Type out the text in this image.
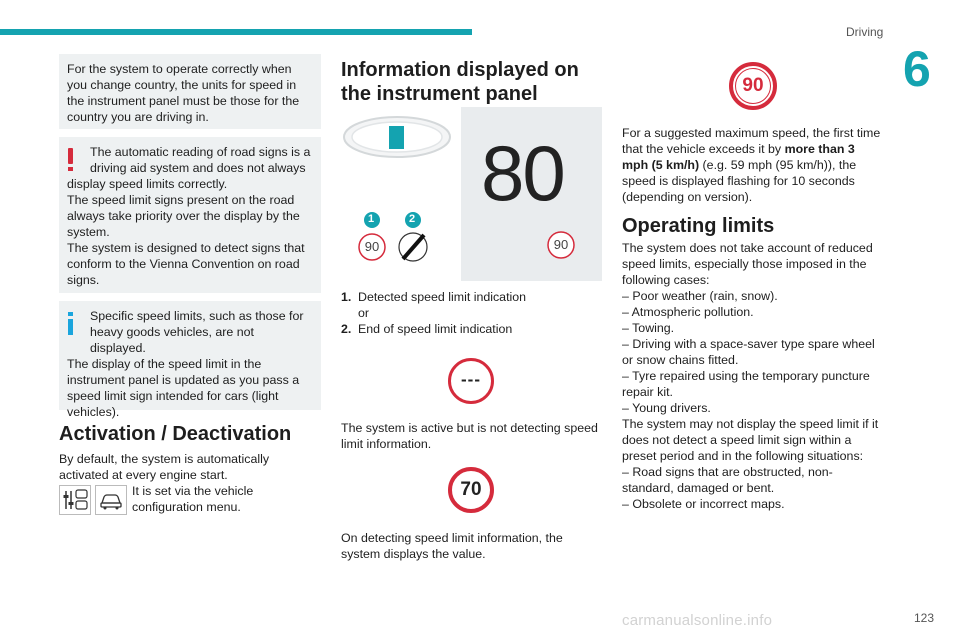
Driving
6

For the system to operate correctly when you change country, the units for speed in the instrument panel must be those for the country you are driving in.

The automatic reading of road signs is a

driving aid system and does not always

display speed limits correctly.

The speed limit signs present on the road always take priority over the display by the system.

The system is designed to detect signs that conform to the Vienna Convention on road signs.

Specific speed limits, such as those for

heavy goods vehicles, are not displayed.

The display of the speed limit in the instrument panel is updated as you pass a speed limit sign intended for cars (light vehicles).

Activation / Deactivation

By default, the system is automatically activated at every engine start.

It is set via the vehicle configuration menu.

Information displayed on the instrument panel
1	2
90	90
80
1. Detected speed limit indication
or
2. End of speed limit indication
---

The system is active but is not detecting speed limit information.

70

On detecting speed limit information, the system displays the value.

90

For a suggested maximum speed, the first time that the vehicle exceeds it by more than 3 mph (5 km/h) (e.g. 59 mph (95 km/h)), the speed is displayed flashing for 10 seconds (depending on version).

Operating limits

The system does not take account of reduced speed limits, especially those imposed in the following cases:

– Poor weather (rain, snow).

– Atmospheric pollution.

– Towing.

– Driving with a space-saver type spare wheel or snow chains fitted.

– Tyre repaired using the temporary puncture repair kit.

– Young drivers.

The system may not display the speed limit if it does not detect a speed limit sign within a preset period and in the following situations:

– Road signs that are obstructed, non-standard, damaged or bent.

– Obsolete or incorrect maps.

carmanualsonline.info	123
